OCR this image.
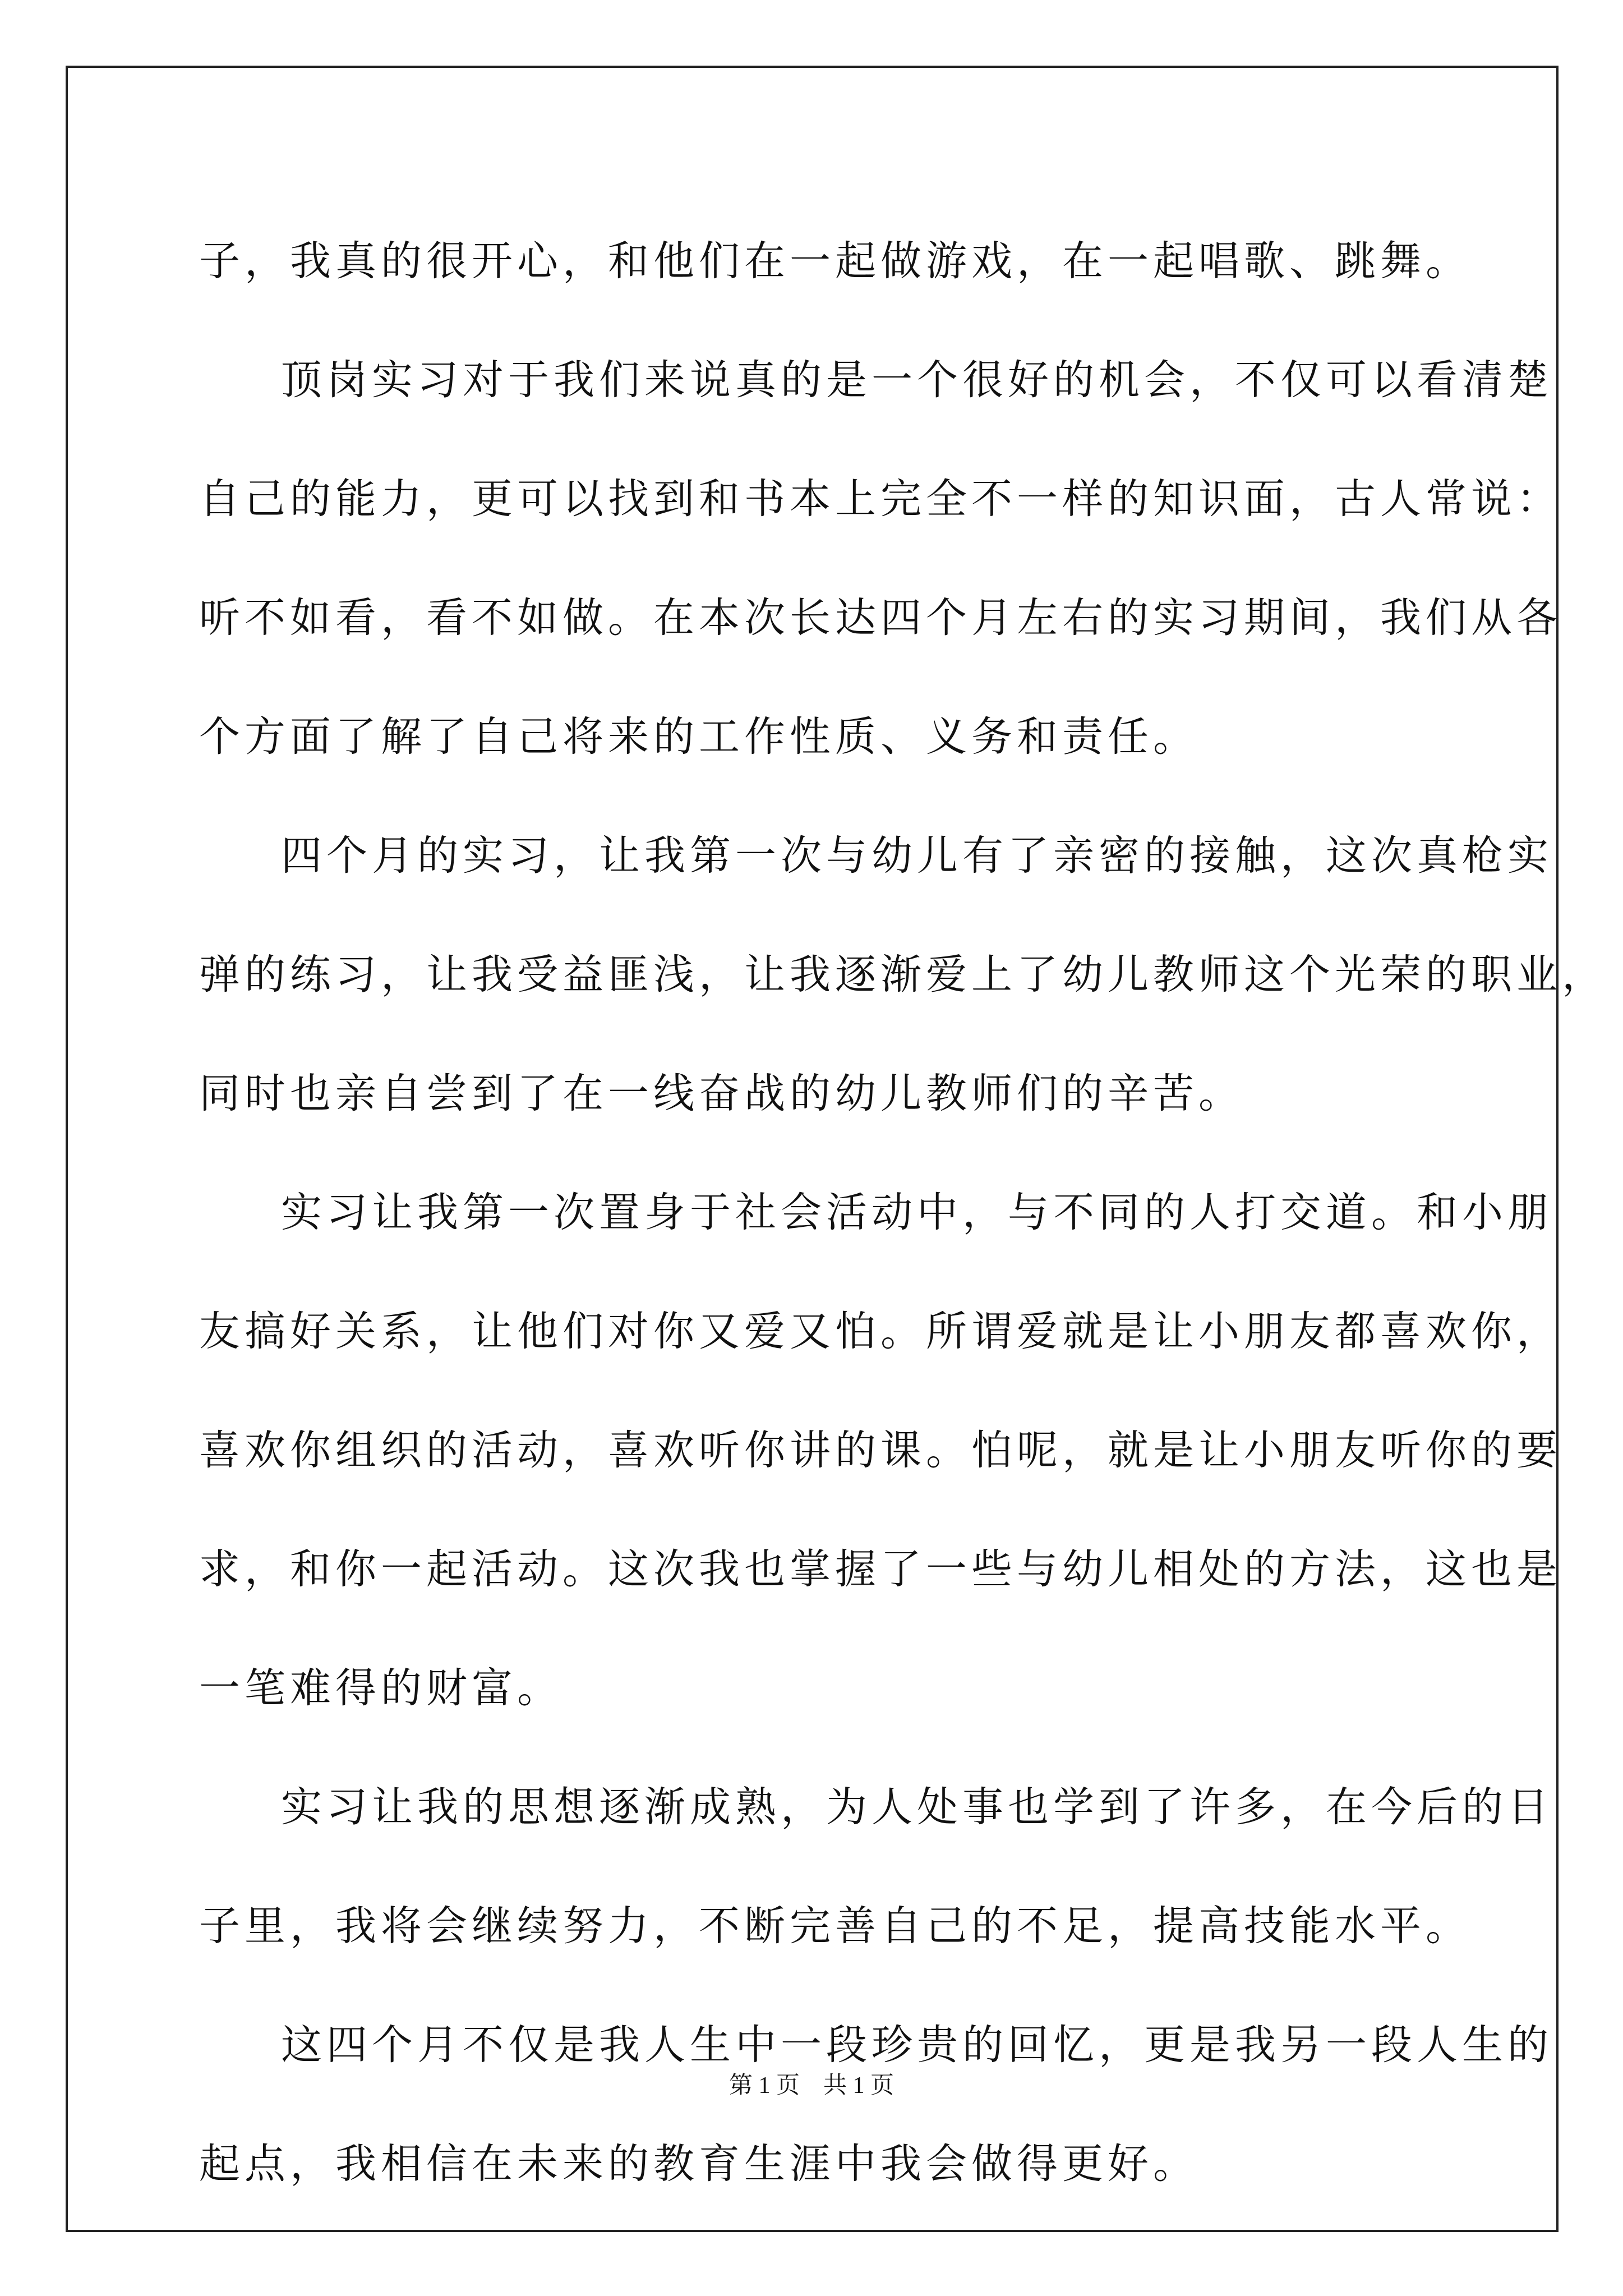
子，我真的很开心，和他们在一起做游戏，在一起唱歌、跳舞。
顶岗实习对于我们来说真的是一个很好的机会，不仅可以看清楚
自己的能力，更可以找到和书本上完全不一样的知识面，古人常说：
听不如看，看不如做。在本次长达四个月左右的实习期间，我们从各
个方面了解了自己将来的工作性质、义务和责任。
四个月的实习，让我第一次与幼儿有了亲密的接触，这次真枪实
弹的练习，让我受益匪浅，让我逐渐爱上了幼儿教师这个光荣的职业，
同时也亲自尝到了在一线奋战的幼儿教师们的辛苦。
实习让我第一次置身于社会活动中，与不同的人打交道。和小朋
友搞好关系，让他们对你又爱又怕。所谓爱就是让小朋友都喜欢你，
喜欢你组织的活动，喜欢听你讲的课。怕呢，就是让小朋友听你的要
求，和你一起活动。这次我也掌握了一些与幼儿相处的方法，这也是
一笔难得的财富。
实习让我的思想逐渐成熟，为人处事也学到了许多，在今后的日
子里，我将会继续努力，不断完善自己的不足，提高技能水平。
这四个月不仅是我人生中一段珍贵的回忆，更是我另一段人生的
起点，我相信在未来的教育生涯中我会做得更好。
第 1 页    共 1 页
